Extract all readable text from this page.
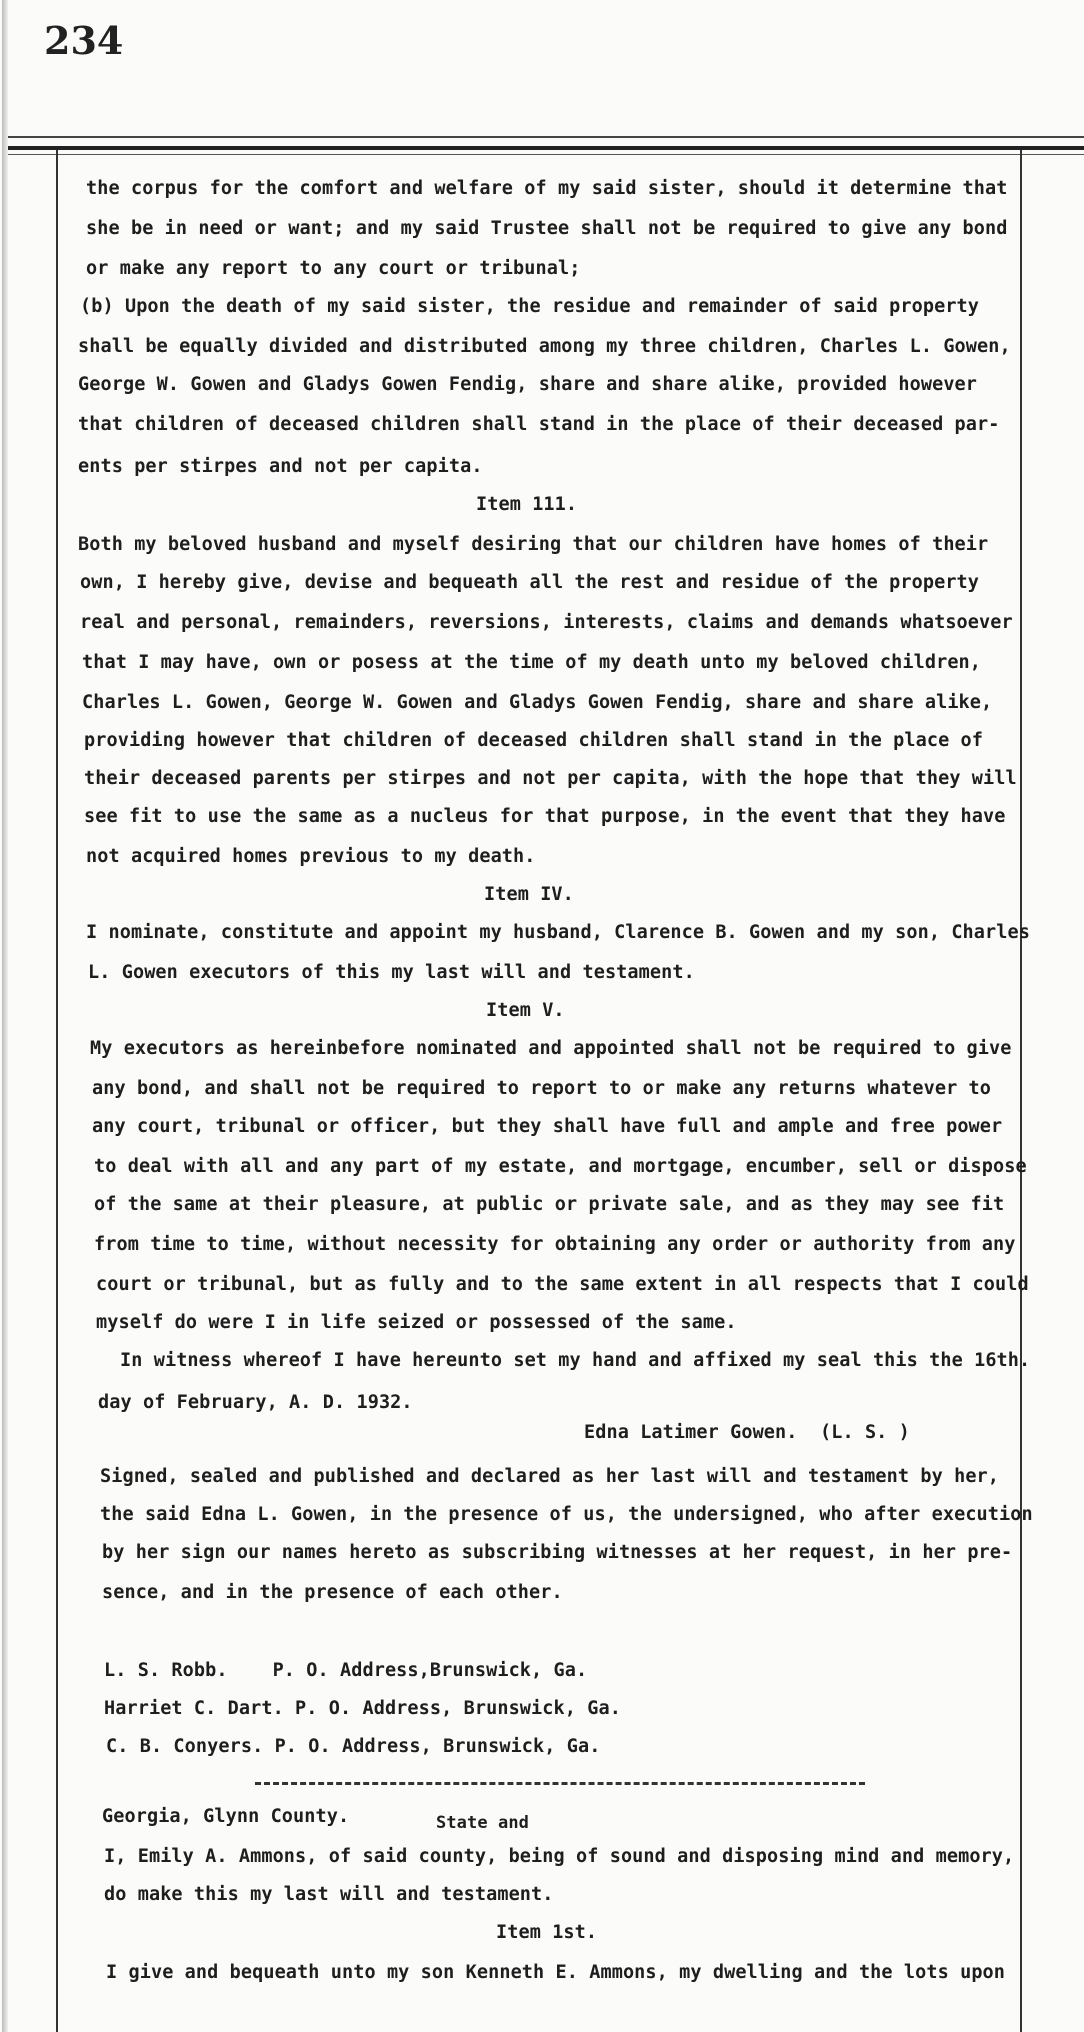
234
the corpus for the comfort and welfare of my said sister, should it determine that
she be in need or want; and my said Trustee shall not be required to give any bond
or make any report to any court or tribunal;
(b) Upon the death of my said sister, the residue and remainder of said property
shall be equally divided and distributed among my three children, Charles L. Gowen,
George W. Gowen and Gladys Gowen Fendig, share and share alike, provided however
that children of deceased children shall stand in the place of their deceased par-
ents per stirpes and not per capita.
Item 111.
Both my beloved husband and myself desiring that our children have homes of their
own, I hereby give, devise and bequeath all the rest and residue of the property
real and personal, remainders, reversions, interests, claims and demands whatsoever
that I may have, own or posess at the time of my death unto my beloved children,
Charles L. Gowen, George W. Gowen and Gladys Gowen Fendig, share and share alike,
providing however that children of deceased children shall stand in the place of
their deceased parents per stirpes and not per capita, with the hope that they will
see fit to use the same as a nucleus for that purpose, in the event that they have
not acquired homes previous to my death.
Item IV.
I nominate, constitute and appoint my husband, Clarence B. Gowen and my son, Charles
L. Gowen executors of this my last will and testament.
Item V.
My executors as hereinbefore nominated and appointed shall not be required to give
any bond, and shall not be required to report to or make any returns whatever to
any court, tribunal or officer, but they shall have full and ample and free power
to deal with all and any part of my estate, and mortgage, encumber, sell or dispose
of the same at their pleasure, at public or private sale, and as they may see fit
from time to time, without necessity for obtaining any order or authority from any
court or tribunal, but as fully and to the same extent in all respects that I could
myself do were I in life seized or possessed of the same.
In witness whereof I have hereunto set my hand and affixed my seal this the 16th.
day of February, A. D. 1932.
Edna Latimer Gowen.  (L. S. )
Signed, sealed and published and declared as her last will and testament by her,
the said Edna L. Gowen, in the presence of us, the undersigned, who after execution
by her sign our names hereto as subscribing witnesses at her request, in her pre-
sence, and in the presence of each other.
L. S. Robb.    P. O. Address,Brunswick, Ga.
Harriet C. Dart. P. O. Address, Brunswick, Ga.
C. B. Conyers. P. O. Address, Brunswick, Ga.
State and
Georgia, Glynn County.
I, Emily A. Ammons, of said county, being of sound and disposing mind and memory,
do make this my last will and testament.
Item 1st.
I give and bequeath unto my son Kenneth E. Ammons, my dwelling and the lots upon
